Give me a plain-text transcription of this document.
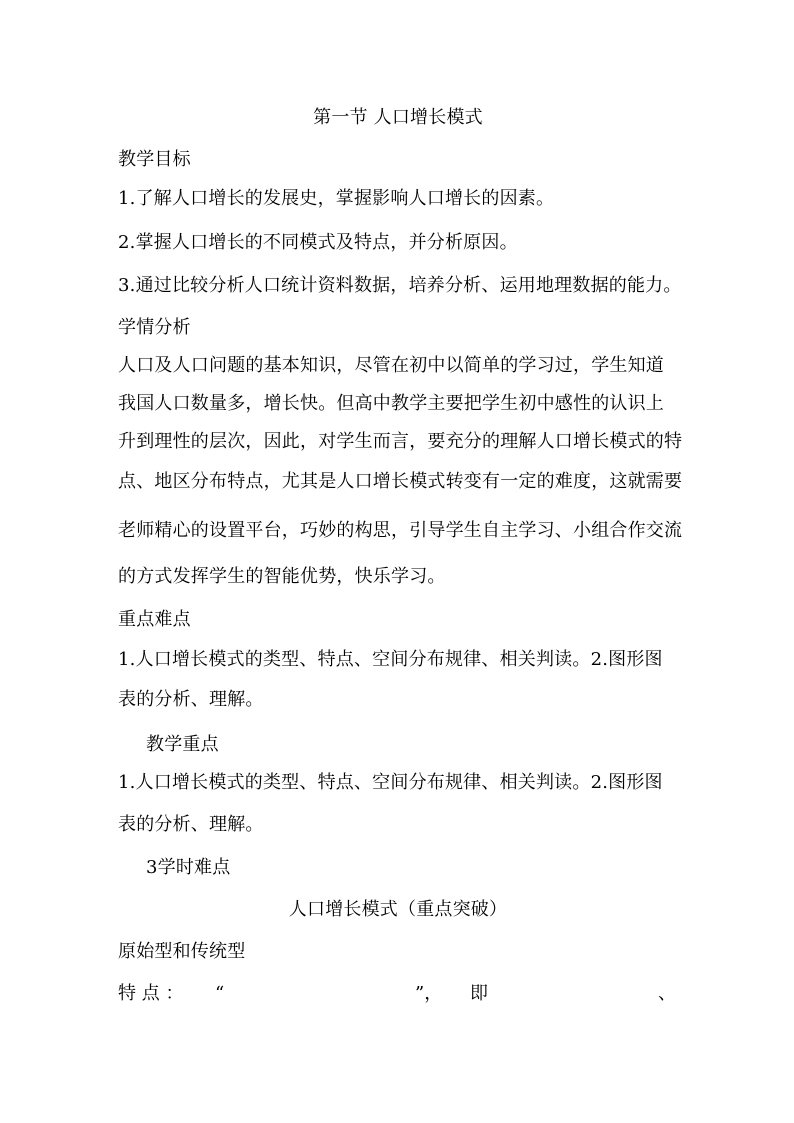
第一节 人口增长模式
教学目标
1.了解人口增长的发展史，掌握影响人口增长的因素。
2.掌握人口增长的不同模式及特点，并分析原因。
3.通过比较分析人口统计资料数据，培养分析、运用地理数据的能力。
学情分析
人口及人口问题的基本知识，尽管在初中以简单的学习过，学生知道
我国人口数量多，增长快。但高中教学主要把学生初中感性的认识上
升到理性的层次，因此，对学生而言，要充分的理解人口增长模式的特
点、地区分布特点，尤其是人口增长模式转变有一定的难度，这就需要
老师精心的设置平台，巧妙的构思，引导学生自主学习、小组合作交流
的方式发挥学生的智能优势，快乐学习。
重点难点
1.人口增长模式的类型、特点、空间分布规律、相关判读。2.图形图
表的分析、理解。
教学重点
1.人口增长模式的类型、特点、空间分布规律、相关判读。2.图形图
表的分析、理解。
3学时难点
人口增长模式（重点突破）
原始型和传统型
特 点 ： “	”， 即	、
